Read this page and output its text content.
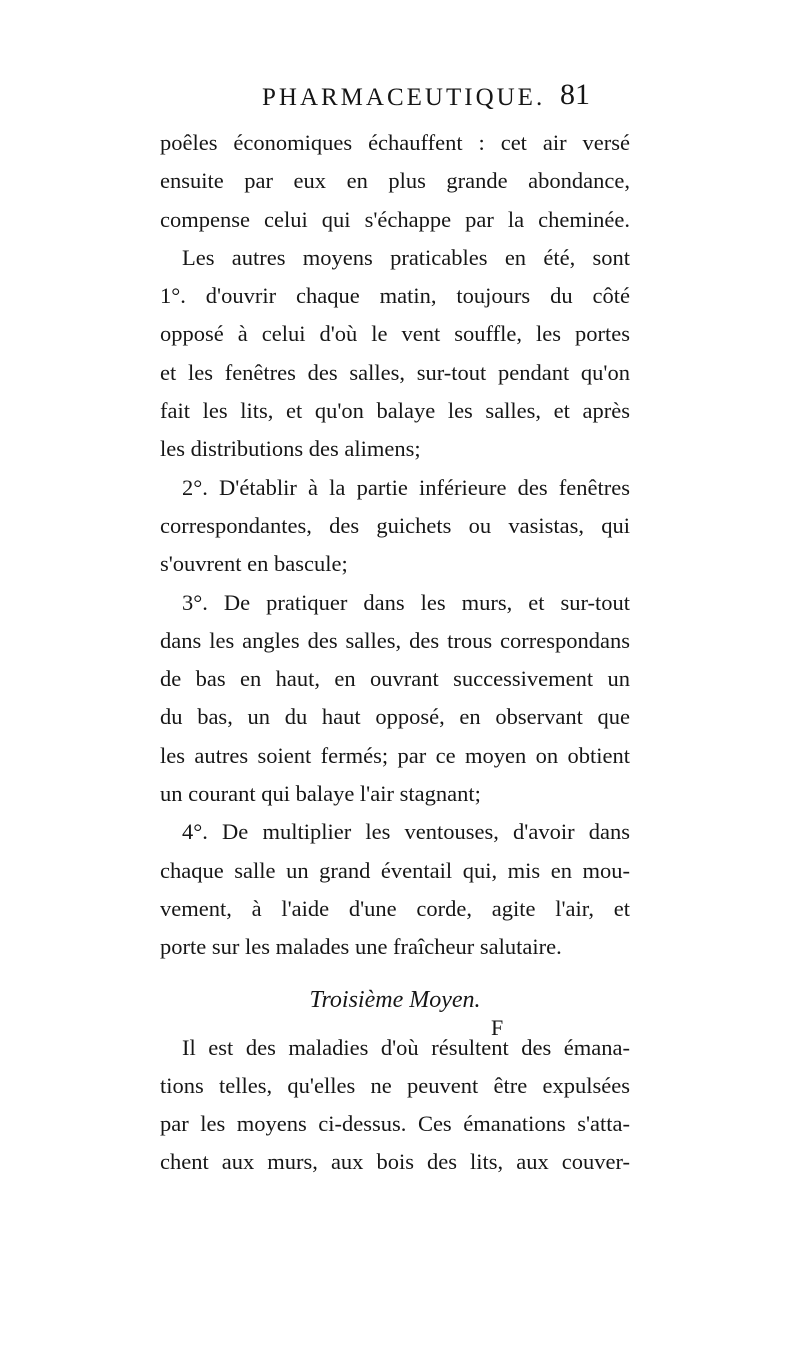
PHARMACEUTIQUE. 81
poêles économiques échauffent : cet air versé
ensuite par eux en plus grande abondance,
compense celui qui s'échappe par la cheminée.
Les autres moyens praticables en été, sont
1°. d'ouvrir chaque matin, toujours du côté
opposé à celui d'où le vent souffle, les portes
et les fenêtres des salles, sur-tout pendant qu'on
fait les lits, et qu'on balaye les salles, et après
les distributions des alimens;
2°. D'établir à la partie inférieure des fenêtres
correspondantes, des guichets ou vasistas, qui
s'ouvrent en bascule;
3°. De pratiquer dans les murs, et sur-tout
dans les angles des salles, des trous correspondans
de bas en haut, en ouvrant successivement un
du bas, un du haut opposé, en observant que
les autres soient fermés; par ce moyen on obtient
un courant qui balaye l'air stagnant;
4°. De multiplier les ventouses, d'avoir dans
chaque salle un grand éventail qui, mis en mou-
vement, à l'aide d'une corde, agite l'air, et
porte sur les malades une fraîcheur salutaire.
Troisième Moyen.
Il est des maladies d'où résultent des émana-
tions telles, qu'elles ne peuvent être expulsées
par les moyens ci-dessus. Ces émanations s'atta-
chent aux murs, aux bois des lits, aux couver-
F
